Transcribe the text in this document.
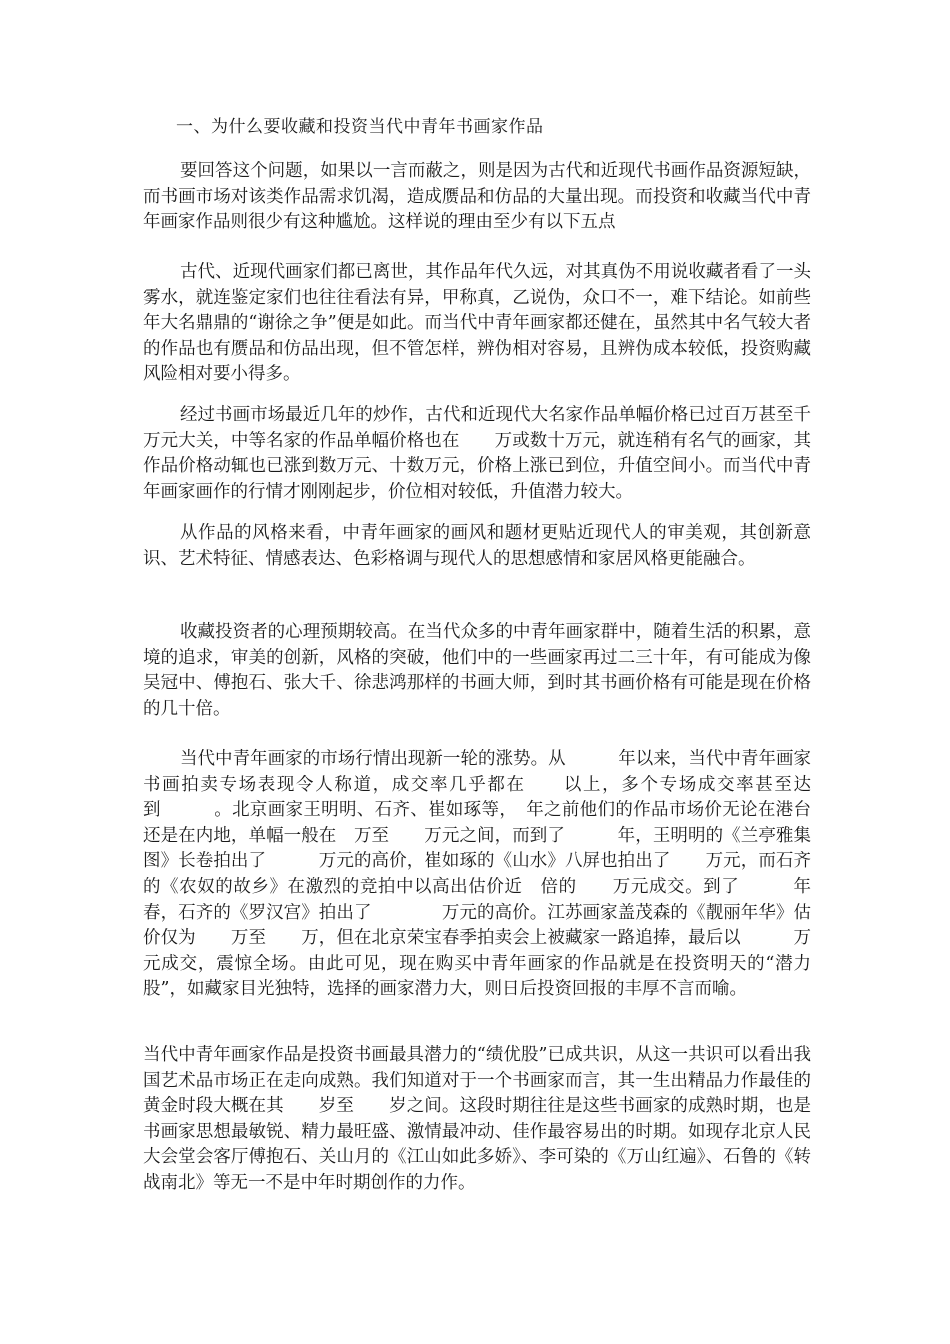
一、为什么要收藏和投资当代中青年书画家作品

要回答这个问题，如果以一言而蔽之，则是因为古代和近现代书画作品资源短缺，而书画市场对该类作品需求饥渴，造成赝品和仿品的大量出现。而投资和收藏当代中青年画家作品则很少有这种尴尬。这样说的理由至少有以下五点

古代、近现代画家们都已离世，其作品年代久远，对其真伪不用说收藏者看了一头雾水，就连鉴定家们也往往看法有异，甲称真，乙说伪，众口不一，难下结论。如前些年大名鼎鼎的“谢徐之争”便是如此。而当代中青年画家都还健在，虽然其中名气较大者的作品也有赝品和仿品出现，但不管怎样，辨伪相对容易，且辨伪成本较低，投资购藏风险相对要小得多。

经过书画市场最近几年的炒作，古代和近现代大名家作品单幅价格已过百万甚至千万元大关，中等名家的作品单幅价格也在　　万或数十万元，就连稍有名气的画家，其作品价格动辄也已涨到数万元、十数万元，价格上涨已到位，升值空间小。而当代中青年画家画作的行情才刚刚起步，价位相对较低，升值潜力较大。

从作品的风格来看，中青年画家的画风和题材更贴近现代人的审美观，其创新意识、艺术特征、情感表达、色彩格调与现代人的思想感情和家居风格更能融合。

收藏投资者的心理预期较高。在当代众多的中青年画家群中，随着生活的积累，意境的追求，审美的创新，风格的突破，他们中的一些画家再过二三十年，有可能成为像吴冠中、傅抱石、张大千、徐悲鸿那样的书画大师，到时其书画价格有可能是现在价格的几十倍。

当代中青年画家的市场行情出现新一轮的涨势。从　　　年以来，当代中青年画家书画拍卖专场表现令人称道，成交率几乎都在　　以上，多个专场成交率甚至达到　　　。北京画家王明明、石齐、崔如琢等，　年之前他们的作品市场价无论在港台还是在内地，单幅一般在　万至　　万元之间，而到了　　　年，王明明的《兰亭雅集图》长卷拍出了　　　万元的高价，崔如琢的《山水》八屏也拍出了　　万元，而石齐的《农奴的故乡》在激烈的竞拍中以高出估价近　倍的　　万元成交。到了　　　年春，石齐的《罗汉宫》拍出了　　　　万元的高价。江苏画家盖茂森的《靓丽年华》估价仅为　　万至　　万，但在北京荣宝春季拍卖会上被藏家一路追捧，最后以　　　万元成交，震惊全场。由此可见，现在购买中青年画家的作品就是在投资明天的“潜力股”，如藏家目光独特，选择的画家潜力大，则日后投资回报的丰厚不言而喻。

当代中青年画家作品是投资书画最具潜力的“绩优股”已成共识，从这一共识可以看出我国艺术品市场正在走向成熟。我们知道对于一个书画家而言，其一生出精品力作最佳的黄金时段大概在其　　岁至　　岁之间。这段时期往往是这些书画家的成熟时期，也是书画家思想最敏锐、精力最旺盛、激情最冲动、佳作最容易出的时期。如现存北京人民大会堂会客厅傅抱石、关山月的《江山如此多娇》、李可染的《万山红遍》、石鲁的《转战南北》等无一不是中年时期创作的力作。
